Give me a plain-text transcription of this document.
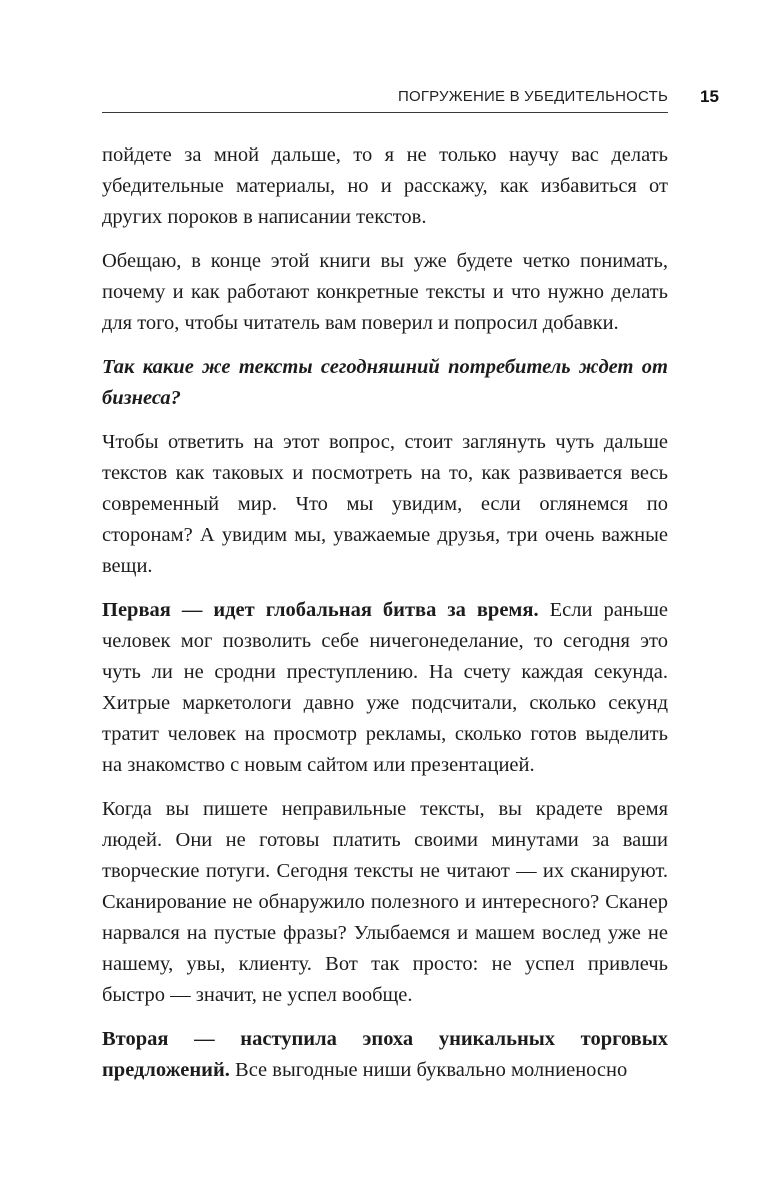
ПОГРУЖЕНИЕ В УБЕДИТЕЛЬНОСТЬ 15

пойдете за мной дальше, то я не только научу вас делать убедительные материалы, но и расскажу, как избавиться от других пороков в написании текстов.

Обещаю, в конце этой книги вы уже будете четко понимать, почему и как работают конкретные тексты и что нужно делать для того, чтобы читатель вам поверил и попросил добавки.

Так какие же тексты сегодняшний потребитель ждет от бизнеса?

Чтобы ответить на этот вопрос, стоит заглянуть чуть дальше текстов как таковых и посмотреть на то, как развивается весь современный мир. Что мы увидим, если оглянемся по сторонам? А увидим мы, уважаемые друзья, три очень важные вещи.

Первая — идет глобальная битва за время. Если раньше человек мог позволить себе ничегонеделание, то сегодня это чуть ли не сродни преступлению. На счету каждая секунда. Хитрые маркетологи давно уже подсчитали, сколько секунд тратит человек на просмотр рекламы, сколько готов выделить на знакомство с новым сайтом или презентацией.

Когда вы пишете неправильные тексты, вы крадете время людей. Они не готовы платить своими минутами за ваши творческие потуги. Сегодня тексты не читают — их сканируют. Сканирование не обнаружило полезного и интересного? Сканер нарвался на пустые фразы? Улыбаемся и машем вослед уже не нашему, увы, клиенту. Вот так просто: не успел привлечь быстро — значит, не успел вообще.

Вторая — наступила эпоха уникальных торговых предложений. Все выгодные ниши буквально молниеносно
